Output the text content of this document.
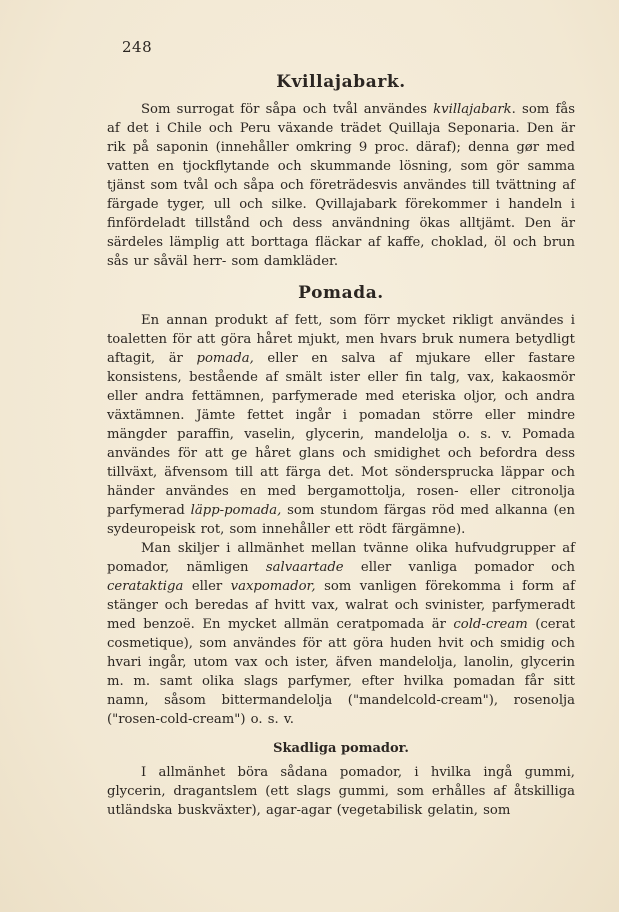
248
Kvillajabark.

Som surrogat för såpa och tvål användes kvillajabark. som fås af det i Chile och Peru växande trädet Quillaja Seponaria. Den är rik på saponin (innehåller omkring 9 proc. däraf); denna gør med vatten en tjockflytande och skummande lösning, som gör samma tjänst som tvål och såpa och företrädesvis användes till tvättning af färgade tyger, ull och silke. Qvillajabark förekommer i handeln i finfördeladt tillstånd och dess användning ökas alltjämt. Den är särdeles lämplig att borttaga fläckar af kaffe, choklad, öl och brun sås ur såväl herr- som damkläder.

Pomada.

En annan produkt af fett, som förr mycket rikligt användes i toaletten för att göra håret mjukt, men hvars bruk numera betydligt aftagit, är pomada, eller en salva af mjukare eller fastare konsistens, bestående af smält ister eller fin talg, vax, kakaosmör eller andra fettämnen, parfymerade med eteriska oljor, och andra växtämnen. Jämte fettet ingår i pomadan större eller mindre mängder paraffin, vaselin, glycerin, mandelolja o. s. v. Pomada användes för att ge håret glans och smidighet och befordra dess tillväxt, äfvensom till att färga det. Mot söndersprucka läppar och händer användes en med bergamottolja, rosen- eller citronolja parfymerad läpp-pomada, som stundom färgas röd med alkanna (en sydeuropeisk rot, som innehåller ett rödt färgämne).

Man skiljer i allmänhet mellan tvänne olika hufvudgrupper af pomador, nämligen salvaartade eller vanliga pomador och cerataktiga eller vaxpomador, som vanligen förekomma i form af stänger och beredas af hvitt vax, walrat och svinister, parfymeradt med benzoë. En mycket allmän ceratpomada är cold-cream (cerat cosmetique), som användes för att göra huden hvit och smidig och hvari ingår, utom vax och ister, äfven mandelolja, lanolin, glycerin m. m. samt olika slags parfymer, efter hvilka pomadan får sitt namn, såsom bittermandelolja ("mandelcold-cream"), rosenolja ("rosen-cold-cream") o. s. v.

Skadliga pomador.

I allmänhet böra sådana pomador, i hvilka ingå gummi, glycerin, dragantslem (ett slags gummi, som erhålles af åtskilliga utländska buskväxter), agar-agar (vegetabilisk gelatin, som
